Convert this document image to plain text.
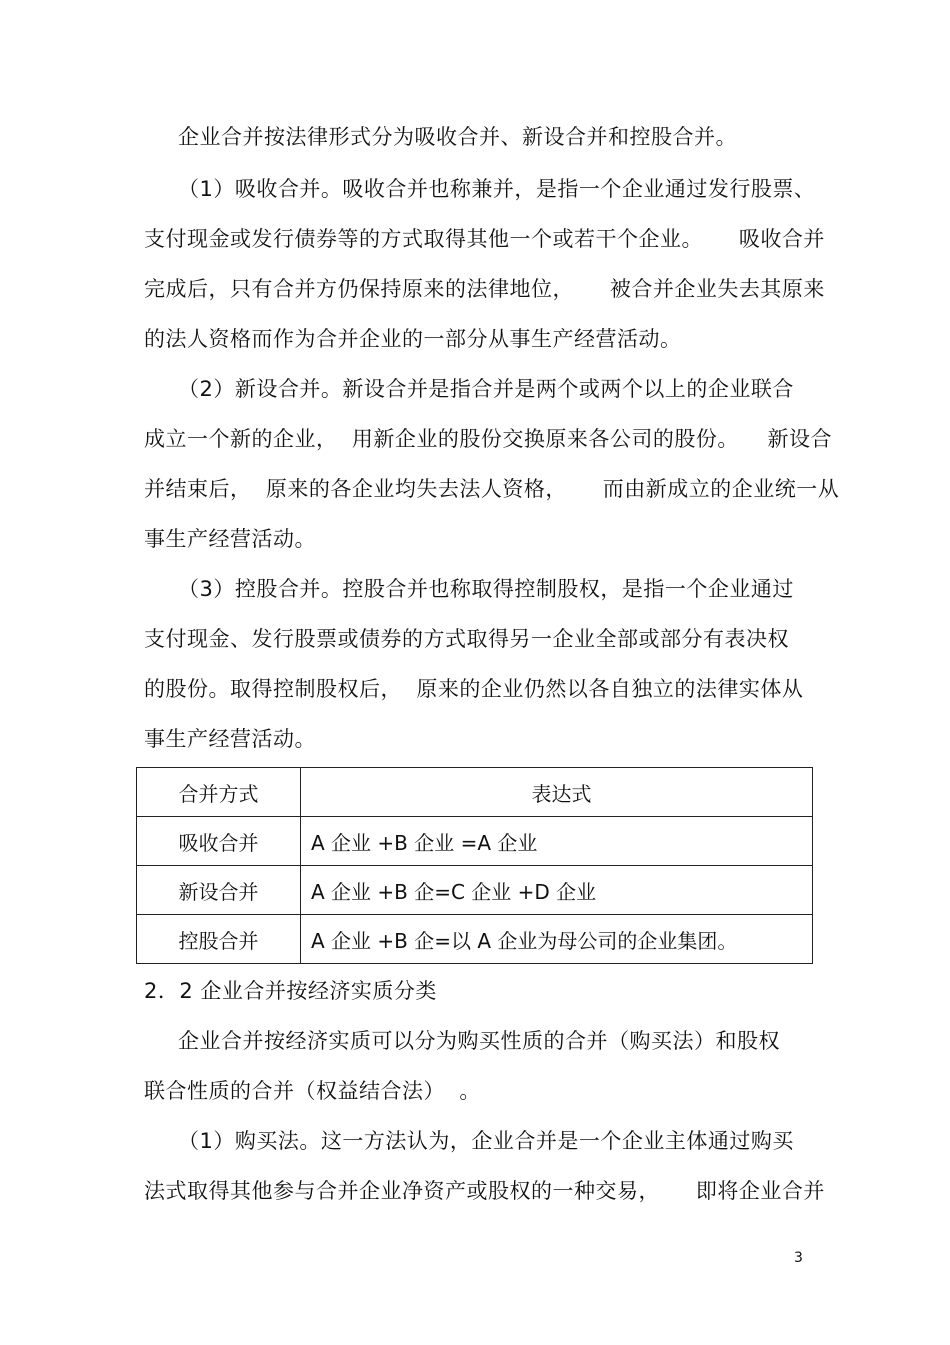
企业合并按法律形式分为吸收合并、新设合并和控股合并。
（1）吸收合并。吸收合并也称兼并，是指一个企业通过发行股票、
支付现金或发行债券等的方式取得其他一个或若干个企业。     吸收合并
完成后，只有合并方仍保持原来的法律地位，     被合并企业失去其原来
的法人资格而作为合并企业的一部分从事生产经营活动。
（2）新设合并。新设合并是指合并是两个或两个以上的企业联合
成立一个新的企业，  用新企业的股份交换原来各公司的股份。    新设合
并结束后，  原来的各企业均失去法人资格，     而由新成立的企业统一从
事生产经营活动。
（3）控股合并。控股合并也称取得控制股权，是指一个企业通过
支付现金、发行股票或债券的方式取得另一企业全部或部分有表决权
的股份。取得控制股权后，  原来的企业仍然以各自独立的法律实体从
事生产经营活动。
合并方式	表达式
吸收合并	A 企业 +B 企业 =A 企业
新设合并	A 企业 +B 企=C 企业 +D 企业
控股合并	A 企业 +B 企=以 A 企业为母公司的企业集团。
2．2 企业合并按经济实质分类
企业合并按经济实质可以分为购买性质的合并（购买法）和股权
联合性质的合并（权益结合法）  。
（1）购买法。这一方法认为，企业合并是一个企业主体通过购买
法式取得其他参与合并企业净资产或股权的一种交易，     即将企业合并
3
